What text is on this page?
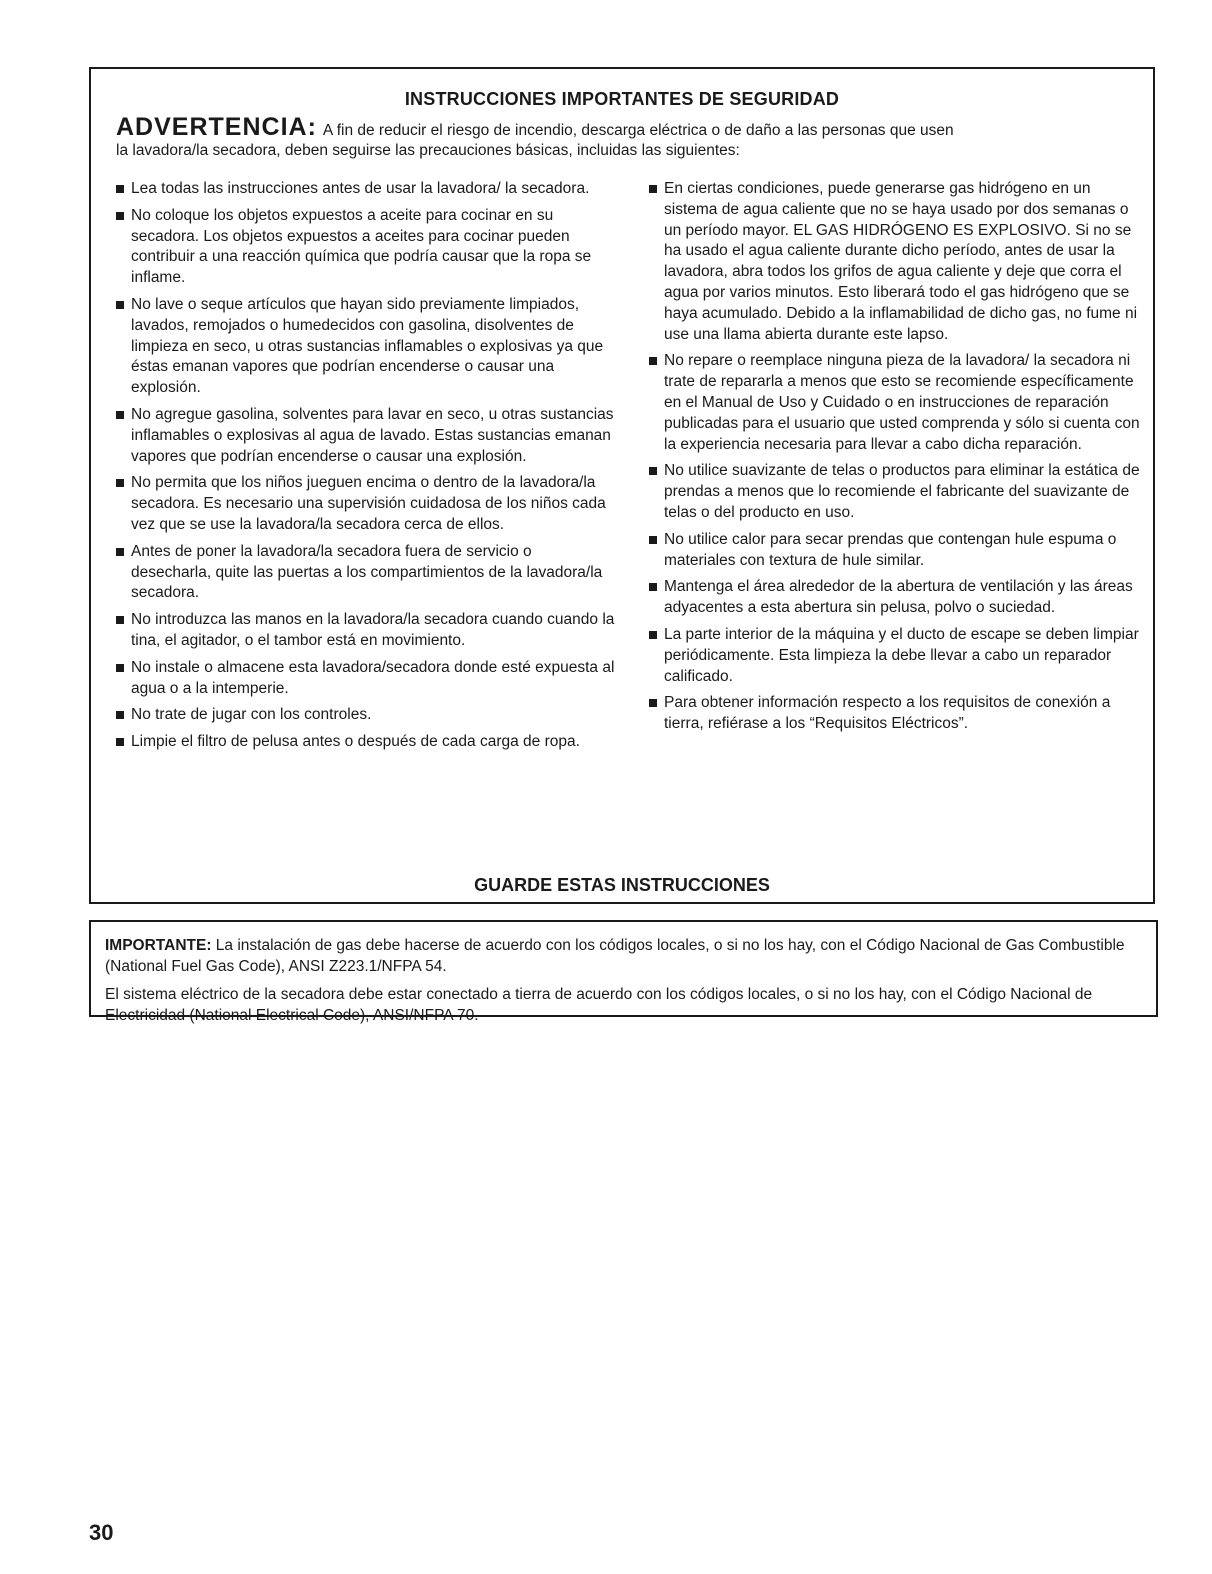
INSTRUCCIONES IMPORTANTES DE SEGURIDAD
ADVERTENCIA: A fin de reducir el riesgo de incendio, descarga eléctrica o de daño a las personas que usen
la lavadora/la secadora, deben seguirse las precauciones básicas, incluidas las siguientes:
Lea todas las instrucciones antes de usar la lavadora/ la secadora.
No coloque los objetos expuestos a aceite para cocinar en su secadora. Los objetos expuestos a aceites para cocinar pueden contribuir a una reacción química que podría causar que la ropa se inflame.
No lave o seque artículos que hayan sido previamente limpiados, lavados, remojados o humedecidos con gasolina, disolventes de limpieza en seco, u otras sustancias inflamables o explosivas ya que éstas emanan vapores que podrían encenderse o causar una explosión.
No agregue gasolina, solventes para lavar en seco, u otras sustancias inflamables o explosivas al agua de lavado. Estas sustancias emanan vapores que podrían encenderse o causar una explosión.
No permita que los niños jueguen encima o dentro de la lavadora/la secadora. Es necesario una supervisión cuidadosa de los niños cada vez que se use la lavadora/la secadora cerca de ellos.
Antes de poner la lavadora/la secadora fuera de servicio o desecharla, quite las puertas a los compartimientos de la lavadora/la secadora.
No introduzca las manos en la lavadora/la secadora cuando cuando la tina, el agitador, o el tambor está en movimiento.
No instale o almacene esta lavadora/secadora donde esté expuesta al agua o a la intemperie.
No trate de jugar con los controles.
Limpie el filtro de pelusa antes o después de cada carga de ropa.
En ciertas condiciones, puede generarse gas hidrógeno en un sistema de agua caliente que no se haya usado por dos semanas o un período mayor. EL GAS HIDRÓGENO ES EXPLOSIVO. Si no se ha usado el agua caliente durante dicho período, antes de usar la lavadora, abra todos los grifos de agua caliente y deje que corra el agua por varios minutos. Esto liberará todo el gas hidrógeno que se haya acumulado. Debido a la inflamabilidad de dicho gas, no fume ni use una llama abierta durante este lapso.
No repare o reemplace ninguna pieza de la lavadora/ la secadora ni trate de repararla a menos que esto se recomiende específicamente en el Manual de Uso y Cuidado o en instrucciones de reparación publicadas para el usuario que usted comprenda y sólo si cuenta con la experiencia necesaria para llevar a cabo dicha reparación.
No utilice suavizante de telas o productos para eliminar la estática de prendas a menos que lo recomiende el fabricante del suavizante de telas o del producto en uso.
No utilice calor para secar prendas que contengan hule espuma o materiales con textura de hule similar.
Mantenga el área alrededor de la abertura de ventilación y las áreas adyacentes a esta abertura sin pelusa, polvo o suciedad.
La parte interior de la máquina y el ducto de escape se deben limpiar periódicamente. Esta limpieza la debe llevar a cabo un reparador calificado.
Para obtener información respecto a los requisitos de conexión a tierra, refiérase a los “Requisitos Eléctricos”.
GUARDE ESTAS INSTRUCCIONES

IMPORTANTE: La instalación de gas debe hacerse de acuerdo con los códigos locales, o si no los hay, con el Código Nacional de Gas Combustible (National Fuel Gas Code), ANSI Z223.1/NFPA 54.

El sistema eléctrico de la secadora debe estar conectado a tierra de acuerdo con los códigos locales, o si no los hay, con el Código Nacional de Electricidad (National Electrical Code), ANSI/NFPA 70.

30
